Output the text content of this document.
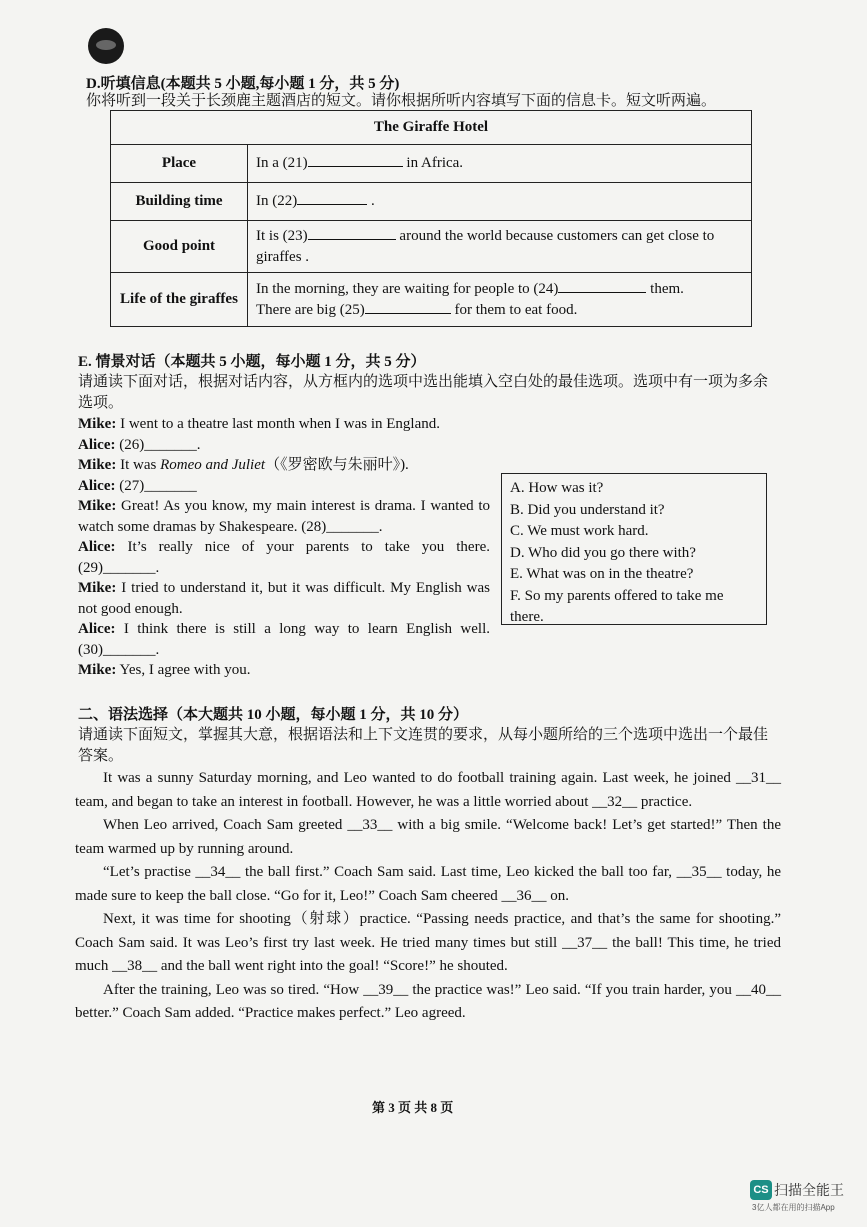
D.听填信息(本题共 5 小题,每小题 1 分，共 5 分)
你将听到一段关于长颈鹿主题酒店的短文。请你根据所听内容填写下面的信息卡。短文听两遍。
The Giraffe Hotel	
Place	In a (21) in Africa.
Building time	In (22) .
Good point	It is (23) around the world because customers can get close to giraffes .
Life of the giraffes	In the morning, they are waiting for people to (24) them.
There are big (25) for them to eat food.
E. 情景对话（本题共 5 小题，每小题 1 分，共 5 分）
请通读下面对话，根据对话内容，从方框内的选项中选出能填入空白处的最佳选项。选项中有一项为多余选项。
Mike: I went to a theatre last month when I was in England.
Alice: (26)_______.
Mike: It was Romeo and Juliet（《罗密欧与朱丽叶》).
Alice: (27)_______
Mike: Great! As you know, my main interest is drama. I wanted to watch some dramas by Shakespeare. (28)_______.
Alice: It’s really nice of your parents to take you there. (29)_______.
Mike: I tried to understand it, but it was difficult. My English was not good enough.
Alice: I think there is still a long way to learn English well. (30)_______.
Mike: Yes, I agree with you.
A. How was it?
B. Did you understand it?
C. We must work hard.
D. Who did you go there with?
E. What was on in the theatre?
F. So my parents offered to take me there.
二、语法选择（本大题共 10 小题，每小题 1 分，共 10 分）
请通读下面短文，掌握其大意，根据语法和上下文连贯的要求，从每小题所给的三个选项中选出一个最佳答案。
It was a sunny Saturday morning, and Leo wanted to do football training again. Last week, he joined __31__ team, and began to take an interest in football. However, he was a little worried about __32__ practice.
When Leo arrived, Coach Sam greeted __33__ with a big smile. “Welcome back! Let’s get started!” Then the team warmed up by running around.
“Let’s practise __34__ the ball first.” Coach Sam said. Last time, Leo kicked the ball too far, __35__ today, he made sure to keep the ball close. “Go for it, Leo!” Coach Sam cheered __36__ on.
Next, it was time for shooting（射球）practice. “Passing needs practice, and that’s the same for shooting.” Coach Sam said. It was Leo’s first try last week. He tried many times but still __37__ the ball! This time, he tried much __38__ and the ball went right into the goal! “Score!” he shouted.
After the training, Leo was so tired. “How __39__ the practice was!” Leo said. “If you train harder, you __40__ better.” Coach Sam added. “Practice makes perfect.” Leo agreed.
第 3 页 共 8 页
CS 扫描全能王
3亿人都在用的扫描App
